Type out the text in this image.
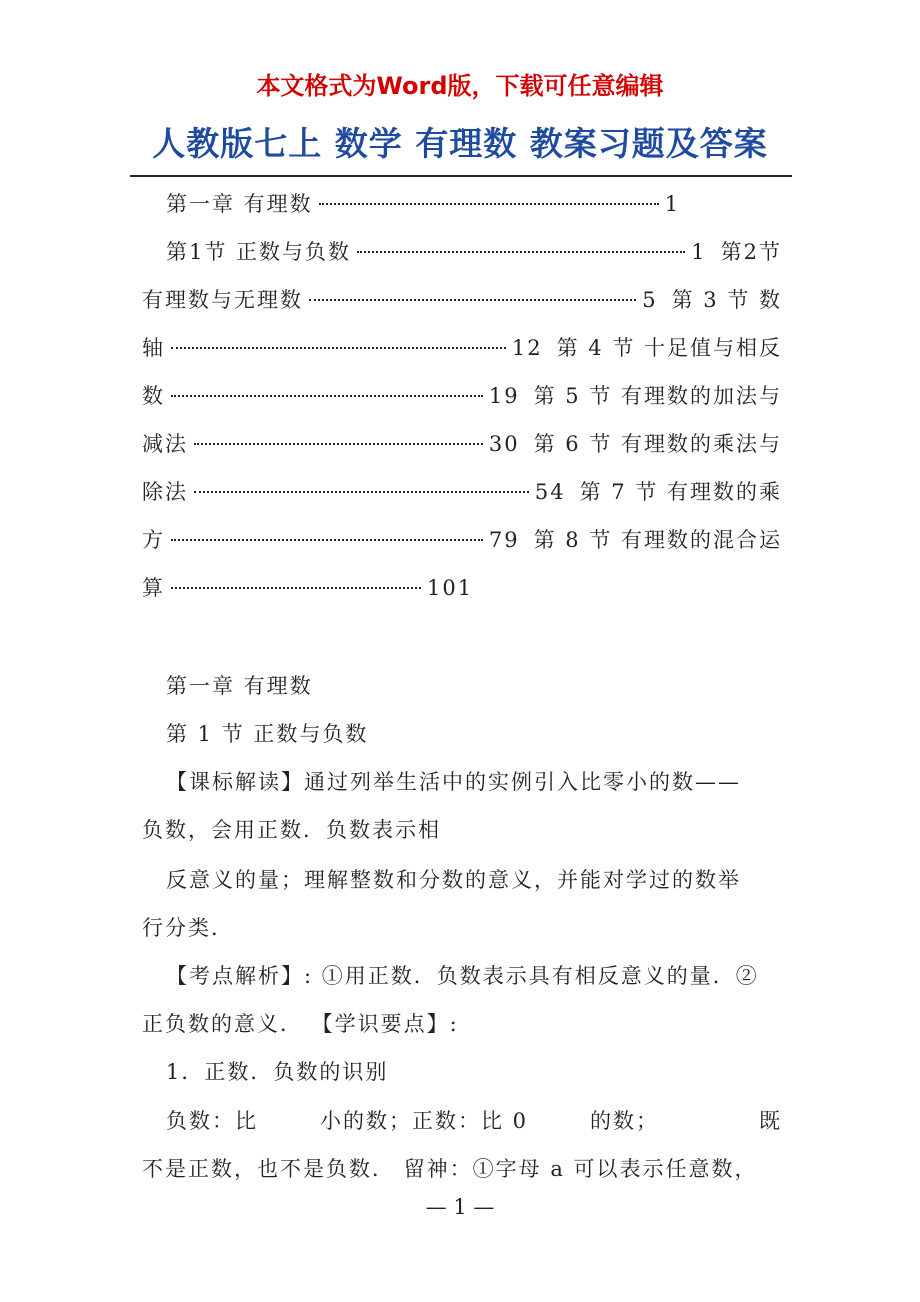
本文格式为Word版，下载可任意编辑
人教版七上 数学 有理数 教案习题及答案
第一章 有理数	1
第1节 正数与负数	1 第2节
有理数与无理数	5 第 3 节 数
轴	12 第 4 节 十足值与相反
数	19 第 5 节 有理数的加法与
减法	30 第 6 节 有理数的乘法与
除法	54 第 7 节 有理数的乘
方	79 第 8 节 有理数的混合运
算	101
第一章 有理数
第 1 节 正数与负数
【课标解读】通过列举生活中的实例引入比零小的数——
负数，会用正数．负数表示相
反意义的量；理解整数和分数的意义，并能对学过的数举
行分类．
【考点解析】: ①用正数．负数表示具有相反意义的量．②
正负数的意义． 【学识要点】:
1．正数．负数的识别
负数：比	小的数；正数：比 0	的数；	既
不是正数，也不是负数． 留神：①字母 a 可以表示任意数，
— 1 —
